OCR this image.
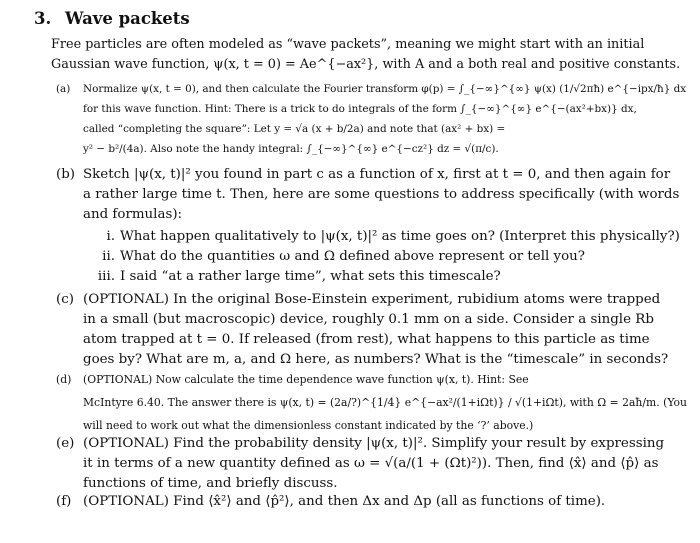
3. Wave packets
Free particles are often modeled as “wave packets”, meaning we might start with an initial
Gaussian wave function, ψ(x, t = 0) = Ae^{−ax²}, with A and a both real and positive constants.
(a) Normalize ψ(x, t = 0), and then calculate the Fourier transform φ(p) = ∫_{−∞}^{∞} ψ(x) (1/√2πħ) e^{−ipx/ħ} dx
for this wave function. Hint: There is a trick to do integrals of the form ∫_{−∞}^{∞} e^{−(ax²+bx)} dx,
called “completing the square”: Let y = √a (x + b/2a) and note that (ax² + bx) =
y² − b²/(4a). Also note the handy integral: ∫_{−∞}^{∞} e^{−cz²} dz = √(π/c).
(b) Sketch |ψ(x, t)|² you found in part c as a function of x, first at t = 0, and then again for
a rather large time t. Then, here are some questions to address specifically (with words
and formulas):
i. What happen qualitatively to |ψ(x, t)|² as time goes on? (Interpret this physically?)
ii. What do the quantities ω and Ω defined above represent or tell you?
iii. I said “at a rather large time”, what sets this timescale?
(c) (OPTIONAL) In the original Bose-Einstein experiment, rubidium atoms were trapped
in a small (but macroscopic) device, roughly 0.1 mm on a side. Consider a single Rb
atom trapped at t = 0. If released (from rest), what happens to this particle as time
goes by? What are m, a, and Ω here, as numbers? What is the “timescale” in seconds?
(d) (OPTIONAL) Now calculate the time dependence wave function ψ(x, t). Hint: See
McIntyre 6.40. The answer there is ψ(x, t) = (2a/?)^{1/4} e^{−ax²/(1+iΩt)} / √(1+iΩt), with Ω = 2aħ/m. (You
will need to work out what the dimensionless constant indicated by the ‘?’ above.)
(e) (OPTIONAL) Find the probability density |ψ(x, t)|². Simplify your result by expressing
it in terms of a new quantity defined as ω = √(a/(1 + (Ωt)²)). Then, find ⟨x̂⟩ and ⟨p̂⟩ as
functions of time, and briefly discuss.
(f) (OPTIONAL) Find ⟨x̂²⟩ and ⟨p̂²⟩, and then Δx and Δp (all as functions of time).
